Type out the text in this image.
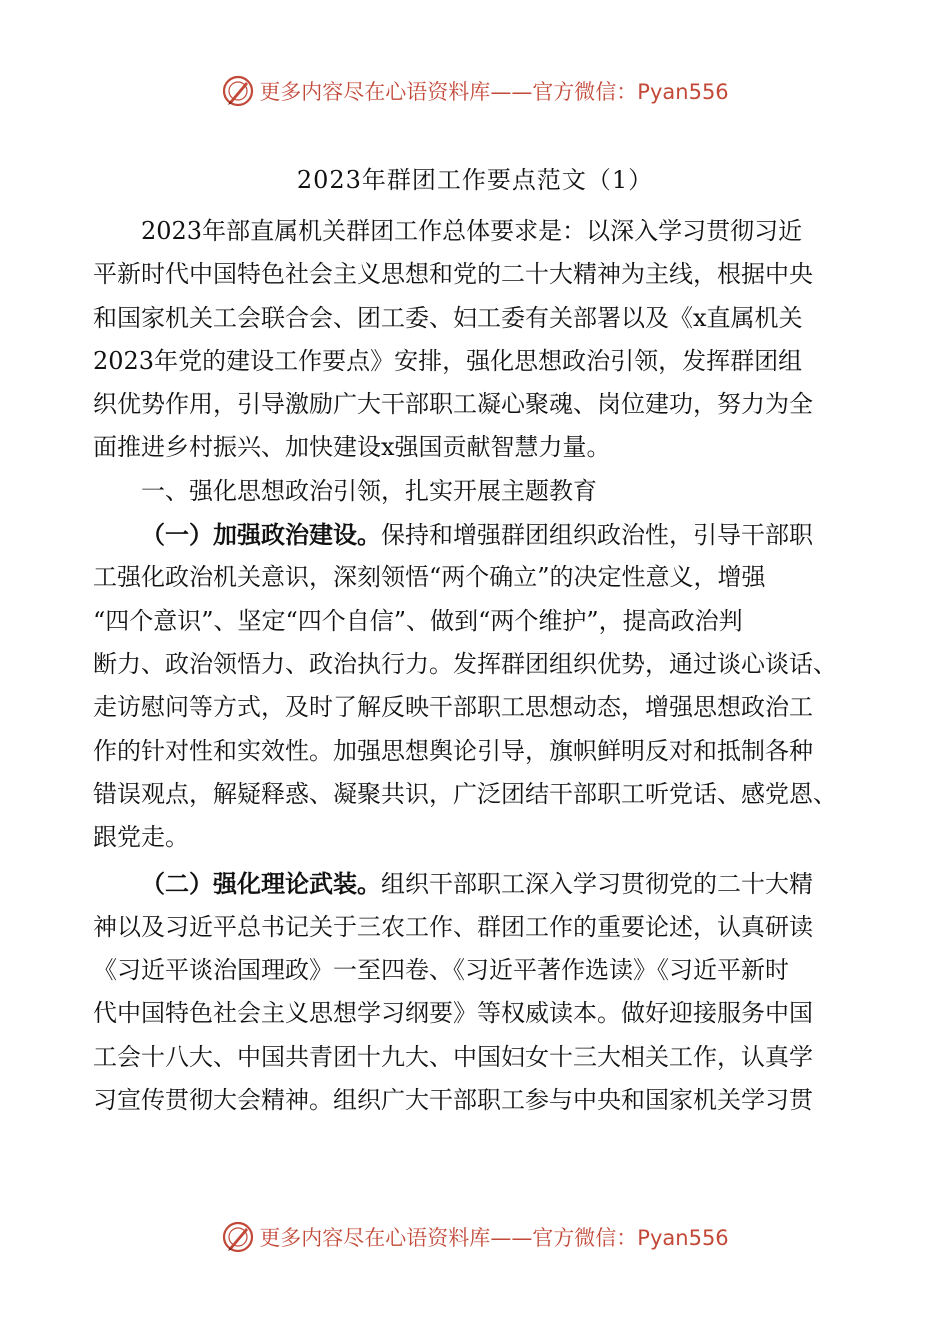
更多内容尽在心语资料库——官方微信：Pyan556
2023年群团工作要点范文（1）
2023年部直属机关群团工作总体要求是：以深入学习贯彻习近
平新时代中国特色社会主义思想和党的二十大精神为主线，根据中央
和国家机关工会联合会、团工委、妇工委有关部署以及《x直属机关
2023年党的建设工作要点》安排，强化思想政治引领，发挥群团组
织优势作用，引导激励广大干部职工凝心聚魂、岗位建功，努力为全
面推进乡村振兴、加快建设x强国贡献智慧力量。
一、强化思想政治引领，扎实开展主题教育
（一）加强政治建设。保持和增强群团组织政治性，引导干部职
工强化政治机关意识，深刻领悟“两个确立”的决定性意义，增强
“四个意识”、坚定“四个自信”、做到“两个维护”，提高政治判
断力、政治领悟力、政治执行力。发挥群团组织优势，通过谈心谈话、
走访慰问等方式，及时了解反映干部职工思想动态，增强思想政治工
作的针对性和实效性。加强思想舆论引导，旗帜鲜明反对和抵制各种
错误观点，解疑释惑、凝聚共识，广泛团结干部职工听党话、感党恩、
跟党走。
（二）强化理论武装。组织干部职工深入学习贯彻党的二十大精
神以及习近平总书记关于三农工作、群团工作的重要论述，认真研读
《习近平谈治国理政》一至四卷、《习近平著作选读》《习近平新时
代中国特色社会主义思想学习纲要》等权威读本。做好迎接服务中国
工会十八大、中国共青团十九大、中国妇女十三大相关工作，认真学
习宣传贯彻大会精神。组织广大干部职工参与中央和国家机关学习贯
更多内容尽在心语资料库——官方微信：Pyan556
